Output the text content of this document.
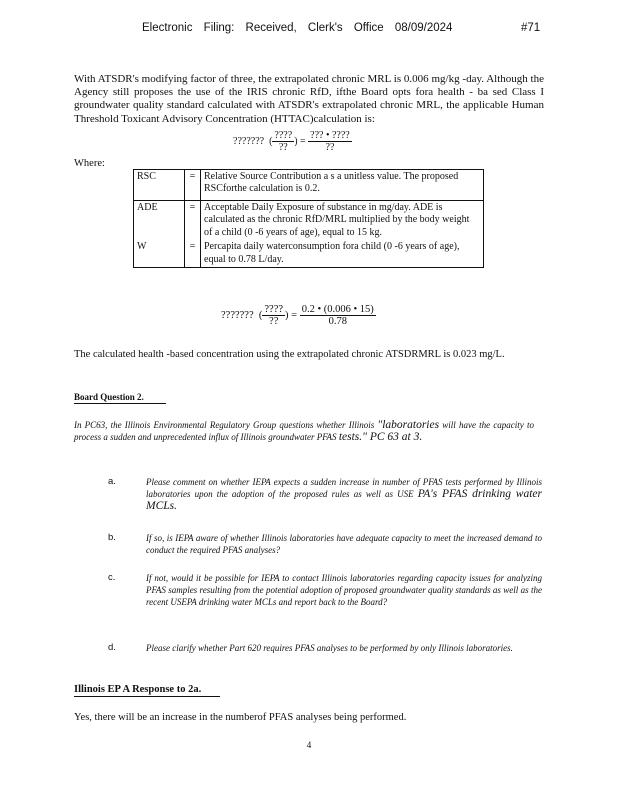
Electronic Filing: Received, Clerk's Office 08/09/2024	#71
With ATSDR's modifying factor of three, the extrapolated chronic MRL is 0.006 mg/kg -day. Although the Agency still proposes the use of the IRIS chronic RfD, ifthe Board opts fora health - ba sed Class I groundwater quality standard calculated with ATSDR's extrapolated chronic MRL, the applicable Human Threshold Toxicant Advisory Concentration (HTTAC)calculation is:
???????  ( $\frac{????}{??}$ ) = $\frac{??? • ????}{??}$
Where:
RSC	=	Relative Source Contribution a s a unitless value. The proposed RSCforthe calculation is 0.2.
ADE	=	Acceptable Daily Exposure of substance in mg/day. ADE is calculated as the chronic RfD/MRL multiplied by the body weight of a child (0 -6 years of age), equal to 15 kg.
W	=	Percapita daily waterconsumption fora child (0 -6 years of age), equal to 0.78 L/day.
???????  ( $\frac{????}{??}$ ) = $\frac{0.2 • (0.006 • 15)}{0.78}$
The calculated health -based concentration using the extrapolated chronic ATSDRMRL is 0.023 mg/L.
Board Question 2.
In PC63, the Illinois Environmental Regulatory Group questions whether Illinois "laboratories will have the capacity to process a sudden and unprecedented influx of Illinois groundwater PFAS tests." PC 63 at 3.
a.	Please comment on whether IEPA expects a sudden increase in number of PFAS tests performed by Illinois laboratories upon the adoption of the proposed rules as well as USE PA's PFAS drinking water MCLs.
b.	If so, is IEPA aware of whether Illinois laboratories have adequate capacity to meet the increased demand to conduct the required PFAS analyses?
c.	If not, would it be possible for IEPA to contact Illinois laboratories regarding capacity issues for analyzing PFAS samples resulting from the potential adoption of proposed groundwater quality standards as well as the recent USEPA drinking water MCLs and report back to the Board?
d.	Please clarify whether Part 620 requires PFAS analyses to be performed by only Illinois laboratories.
Illinois EP A Response to 2a.
Yes, there will be an increase in the numberof PFAS analyses being performed.
4
